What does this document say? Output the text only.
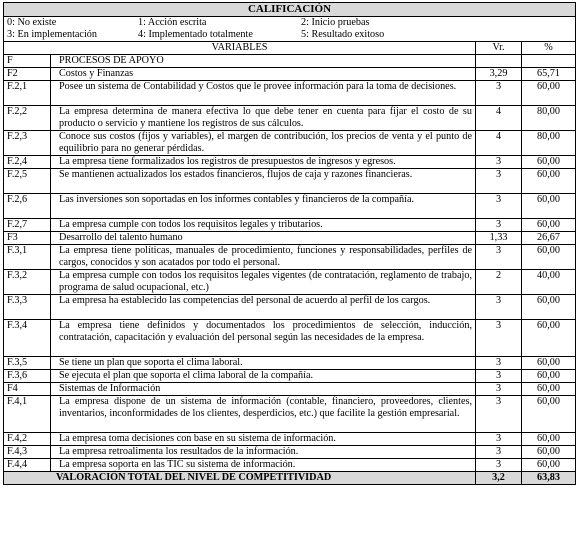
CALIFICACIÓN

0: No existe	1: Acción escrita	2: Inicio pruebas
3: En implementación	4: Implementado totalmente	5: Resultado exitoso

VARIABLES	Vr.	%
F	PROCESOS DE APOYO		
F2	Costos y Finanzas	3,29	65,71
F.2,1	Posee un sistema de Contabilidad y Costos que le provee información para la toma de decisiones.	3	60,00
F.2,2	La empresa determina de manera efectiva lo que debe tener en cuenta para fijar el costo de su producto o servicio y mantiene los registros de sus cálculos.	4	80,00
F.2,3	Conoce sus costos (fijos y variables), el margen de contribución, los precios de venta y el punto de equilibrio para no generar pérdidas.	4	80,00
F.2,4	La empresa tiene formalizados los registros de presupuestos de ingresos y egresos.	3	60,00
F.2,5	Se mantienen actualizados los estados financieros, flujos de caja y razones financieras.	3	60,00
F.2,6	Las inversiones son soportadas en los informes contables y financieros de la compañía.	3	60,00
F.2,7	La empresa cumple con todos los requisitos legales y tributarios.	3	60,00
F3	Desarrollo del talento humano	1,33	26,67
F.3,1	La empresa tiene políticas, manuales de procedimiento, funciones y responsabilidades, perfiles de cargos, conocidos y son acatados por todo el personal.	3	60,00
F.3,2	La empresa cumple con todos los requisitos legales vigentes (de contratación, reglamento de trabajo, programa de salud ocupacional, etc.)	2	40,00
F.3,3	La empresa ha establecido las competencias del personal de acuerdo al perfil de los cargos.	3	60,00
F.3,4	La empresa tiene definidos y documentados los procedimientos de selección, inducción, contratación, capacitación y evaluación del personal según las necesidades de la empresa.	3	60,00
F.3,5	Se tiene un plan que soporta el clima laboral.	3	60,00
F.3,6	Se ejecuta el plan que soporta el clima laboral de la compañía.	3	60,00
F4	Sistemas de Información	3	60,00
F.4,1	La empresa dispone de un sistema de información (contable, financiero, proveedores, clientes, inventarios, inconformidades de los clientes, desperdicios, etc.) que facilite la gestión empresarial.	3	60,00
F.4,2	La empresa toma decisiones con base en su sistema de información.	3	60,00
F.4,3	La empresa retroalimenta los resultados de la información.	3	60,00
F.4,4	La empresa soporta en las TIC su sistema de información.	3	60,00
VALORACIÓN TOTAL DEL NIVEL DE COMPETITIVIDAD	3,2	63,83
